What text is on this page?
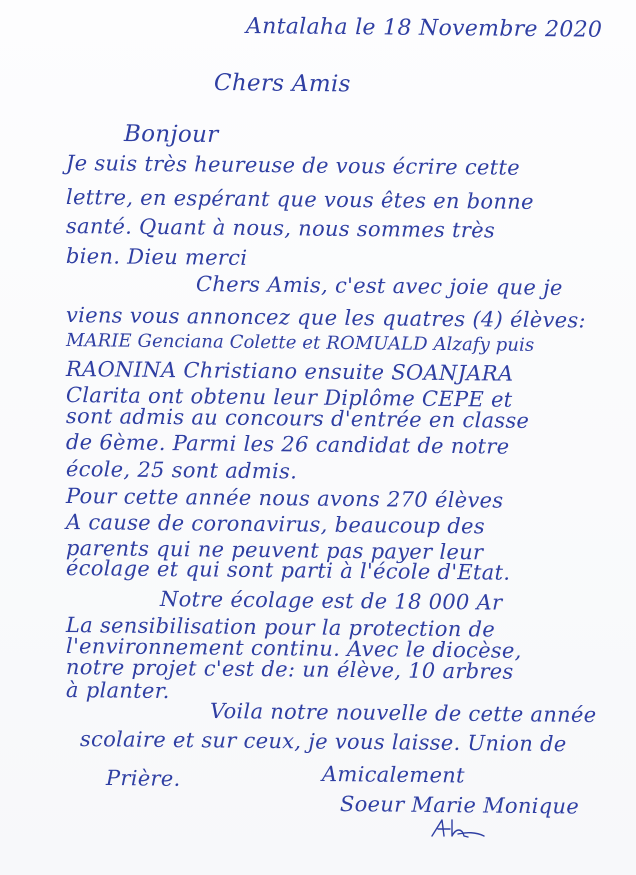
Antalaha le 18 Novembre 2020
Chers Amis
Bonjour
Je suis très heureuse de vous écrire cette
lettre, en espérant que vous êtes en bonne
santé. Quant à nous, nous sommes très
bien. Dieu merci
Chers Amis, c'est avec joie que je
viens vous annoncez que les quatres (4) élèves:
MARIE Genciana Colette et ROMUALD Alzafy puis
RAONINA Christiano ensuite SOANJARA
Clarita ont obtenu leur Diplôme CEPE et
sont admis au concours d'entrée en classe
de 6ème. Parmi les 26 candidat de notre
école, 25 sont admis.
Pour cette année nous avons 270 élèves
A cause de coronavirus, beaucoup des
parents qui ne peuvent pas payer leur
écolage et qui sont parti à l'école d'Etat.
Notre écolage est de 18 000 Ar
La sensibilisation pour la protection de
l'environnement continu. Avec le diocèse,
notre projet c'est de: un élève, 10 arbres
à planter.
Voila notre nouvelle de cette année
scolaire et sur ceux, je vous laisse. Union de
Prière.	Amicalement
Soeur Marie Monique
